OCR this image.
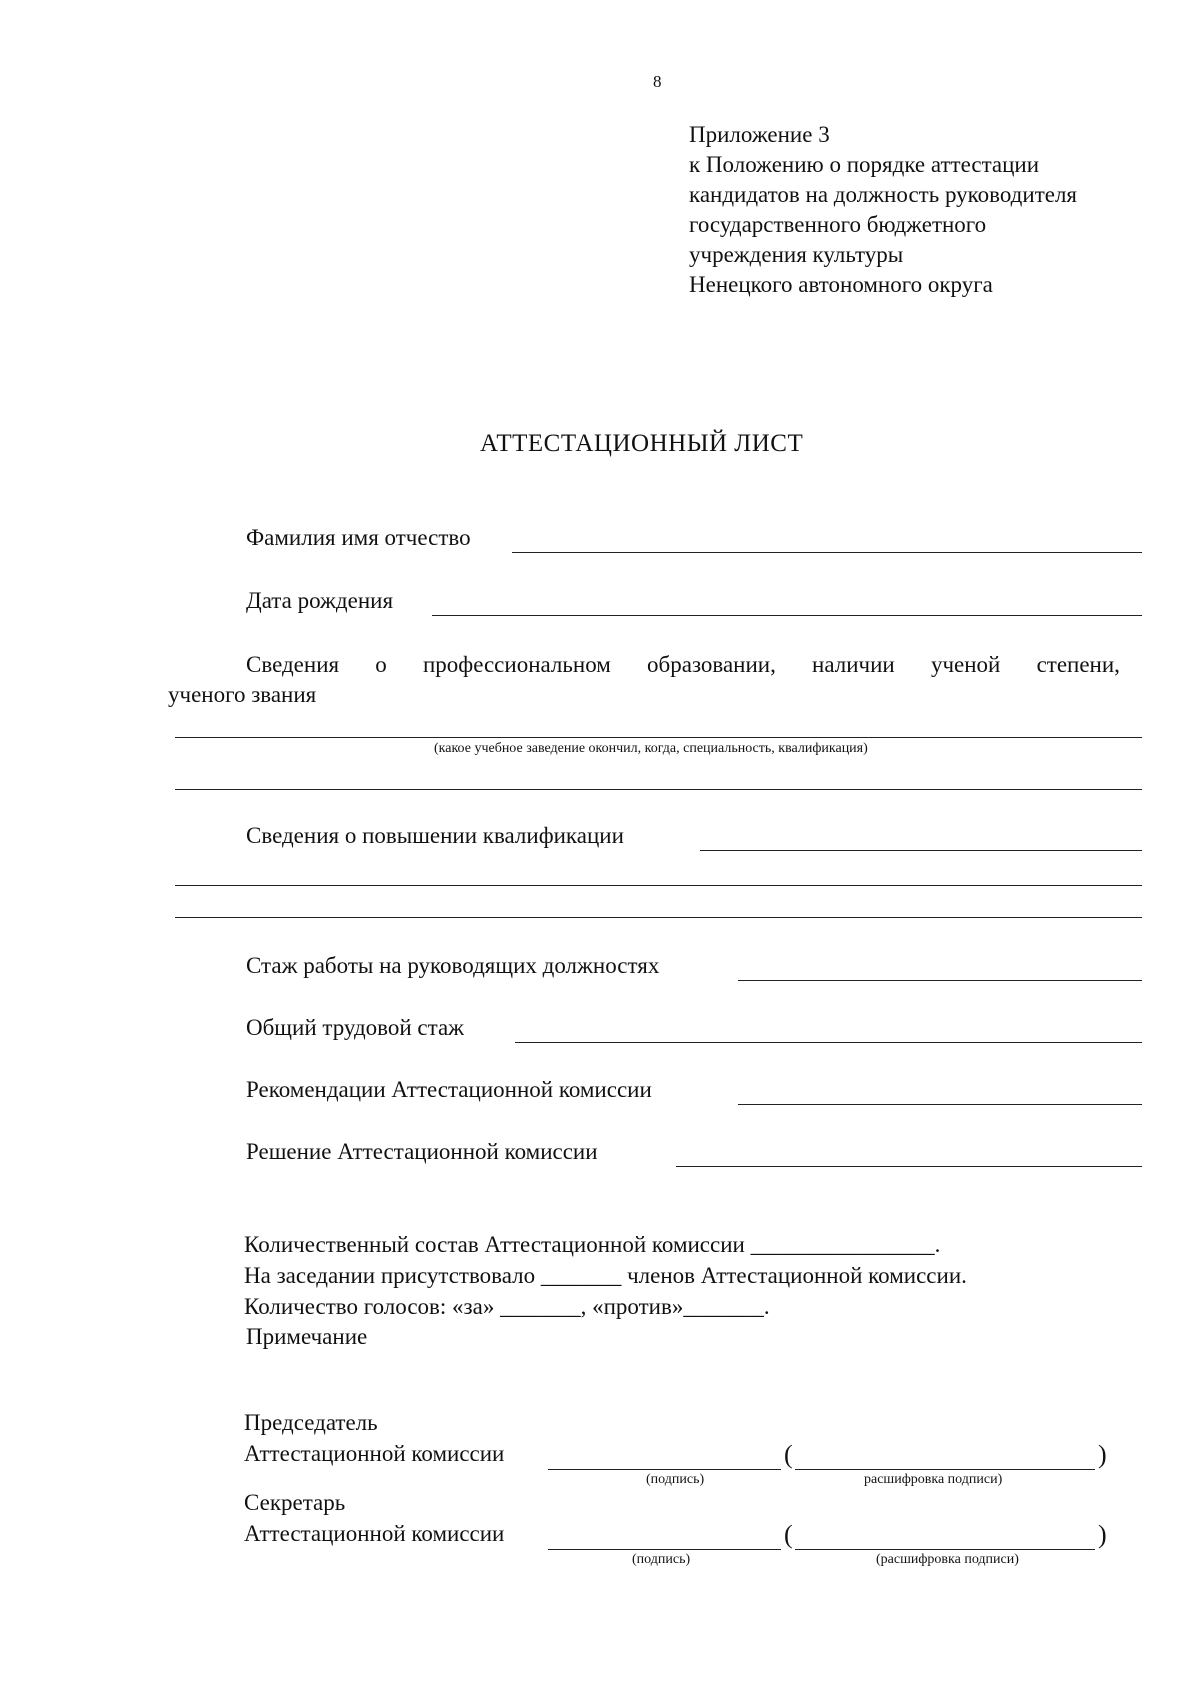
8
Приложение 3
к Положению о порядке аттестации
кандидатов на должность руководителя
государственного бюджетного
учреждения культуры
Ненецкого автономного округа
АТТЕСТАЦИОННЫЙ ЛИСТ
Фамилия имя отчество
Дата рождения
Сведения о профессиональном образовании, наличии ученой степени,
ученого звания
(какое учебное заведение окончил, когда, специальность, квалификация)
Сведения о повышении квалификации
Стаж работы на руководящих должностях
Общий трудовой стаж
Рекомендации Аттестационной комиссии
Решение Аттестационной комиссии
Количественный состав Аттестационной комиссии ________________.
На заседании присутствовало _______ членов Аттестационной комиссии.
Количество голосов: «за» _______, «против»_______.
Примечание
Председатель
Аттестационной комиссии	(	)
(подпись)	расшифровка подписи)
Секретарь
Аттестационной комиссии	(	)
(подпись)	(расшифровка подписи)
